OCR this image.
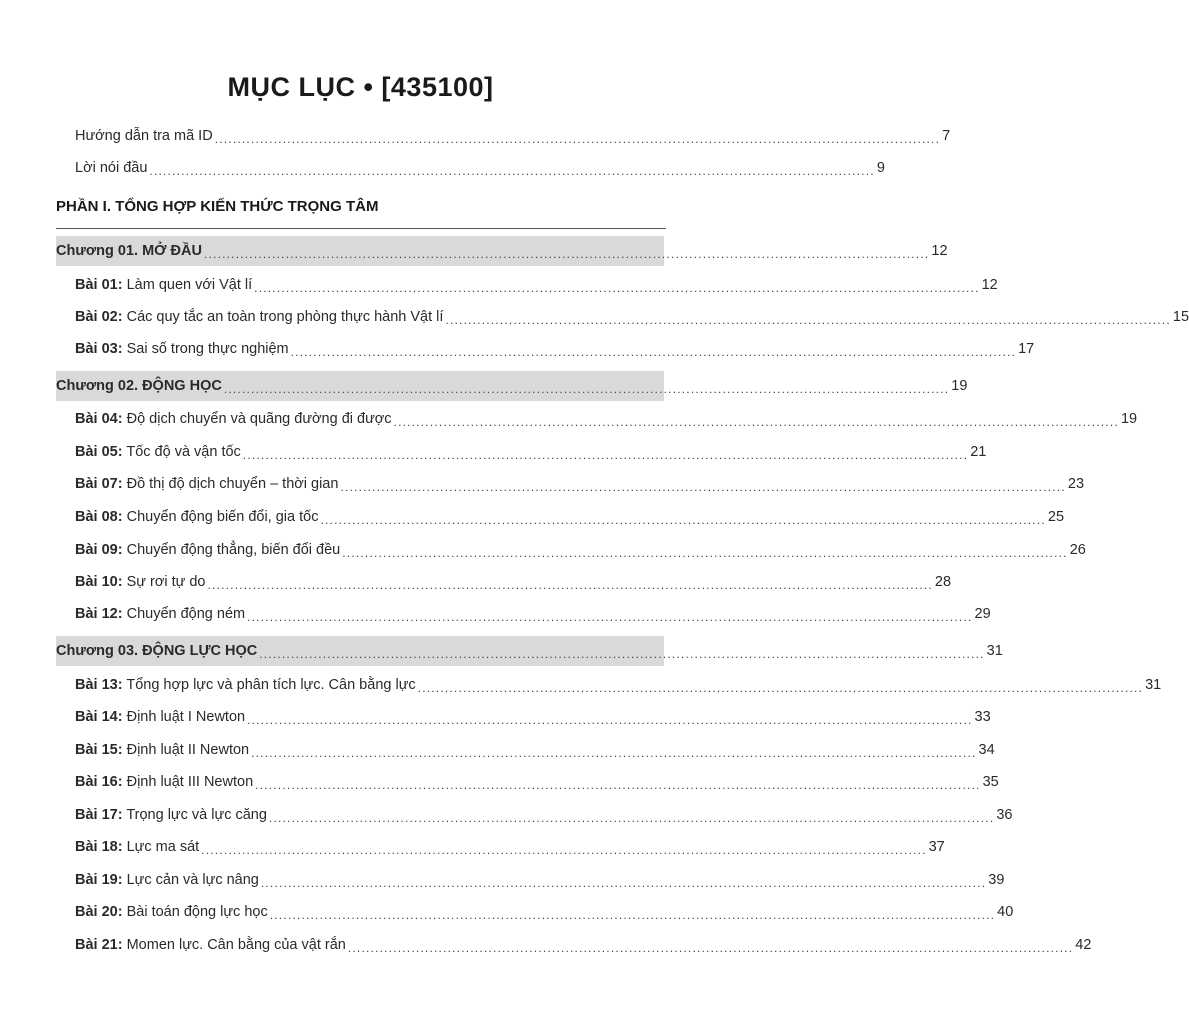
MỤC LỤC • [435100]
Hướng dẫn tra mã ID ................................................................................................................................................................ 7
Lời nói đầu ................................................................................................................................................................ 9
PHẦN I. TỔNG HỢP KIẾN THỨC TRỌNG TÂM
Chương 01. MỞ ĐẦU ................................................................................................................................................................ 12
Bài 01: Làm quen với Vật lí ................................................................................................................................................................ 12
Bài 02: Các quy tắc an toàn trong phòng thực hành Vật lí ................................................................................................................................................................ 15
Bài 03: Sai số trong thực nghiệm ................................................................................................................................................................ 17
Chương 02. ĐỘNG HỌC ................................................................................................................................................................ 19
Bài 04: Độ dịch chuyển và quãng đường đi được ................................................................................................................................................................ 19
Bài 05: Tốc độ và vận tốc ................................................................................................................................................................ 21
Bài 07: Đồ thị độ dịch chuyển – thời gian ................................................................................................................................................................ 23
Bài 08: Chuyển động biến đổi, gia tốc ................................................................................................................................................................ 25
Bài 09: Chuyển động thẳng, biến đổi đều ................................................................................................................................................................ 26
Bài 10: Sự rơi tự do ................................................................................................................................................................ 28
Bài 12: Chuyển động ném ................................................................................................................................................................ 29
Chương 03. ĐỘNG LỰC HỌC ................................................................................................................................................................ 31
Bài 13: Tổng hợp lực và phân tích lực. Cân bằng lực ................................................................................................................................................................ 31
Bài 14: Định luật I Newton ................................................................................................................................................................ 33
Bài 15: Định luật II Newton ................................................................................................................................................................ 34
Bài 16: Định luật III Newton ................................................................................................................................................................ 35
Bài 17: Trọng lực và lực căng ................................................................................................................................................................ 36
Bài 18: Lực ma sát ................................................................................................................................................................ 37
Bài 19: Lực cản và lực nâng ................................................................................................................................................................ 39
Bài 20: Bài toán động lực học ................................................................................................................................................................ 40
Bài 21: Momen lực. Cân bằng của vật rắn ................................................................................................................................................................ 42
